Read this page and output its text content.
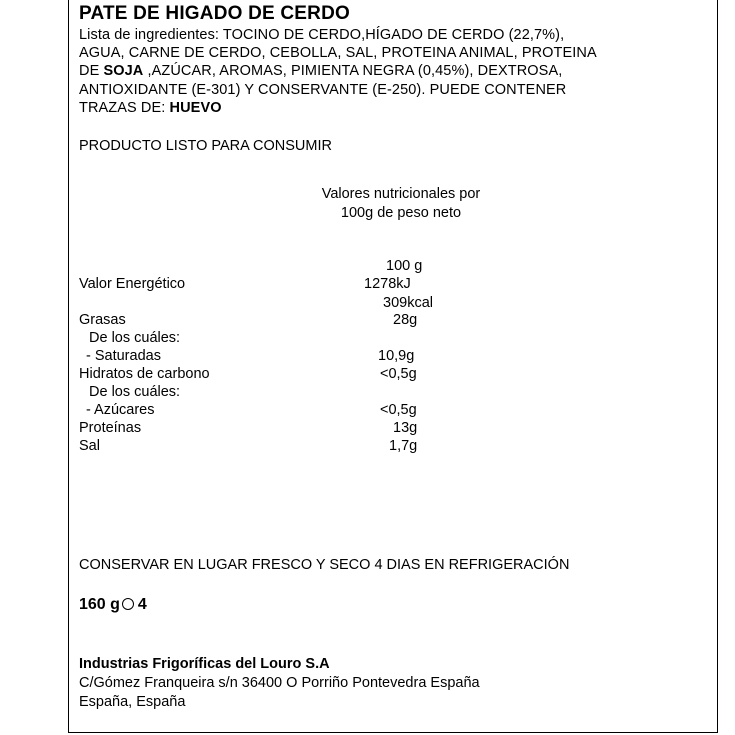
PATE DE HIGADO DE CERDO
Lista de ingredientes: TOCINO DE CERDO,HÍGADO DE CERDO (22,7%),
AGUA, CARNE DE CERDO, CEBOLLA, SAL, PROTEINA ANIMAL, PROTEINA
DE SOJA ,AZÚCAR, AROMAS, PIMIENTA NEGRA (0,45%), DEXTROSA,
ANTIOXIDANTE (E-301) Y CONSERVANTE (E-250). PUEDE CONTENER
TRAZAS DE: HUEVO
PRODUCTO LISTO PARA CONSUMIR
Valores nutricionales por
100g de peso neto
100 g
Valor Energético	1278kJ
309kcal
Grasas	28g
De los cuáles:
- Saturadas	10,9g
Hidratos de carbono	<0,5g
De los cuáles:
- Azúcares	<0,5g
Proteínas	13g
Sal	1,7g
CONSERVAR EN LUGAR FRESCO Y SECO 4 DIAS EN REFRIGERACIÓN
160 g 4
Industrias Frigoríficas del Louro S.A
C/Gómez Franqueira s/n 36400 O Porriño Pontevedra España
España, España
